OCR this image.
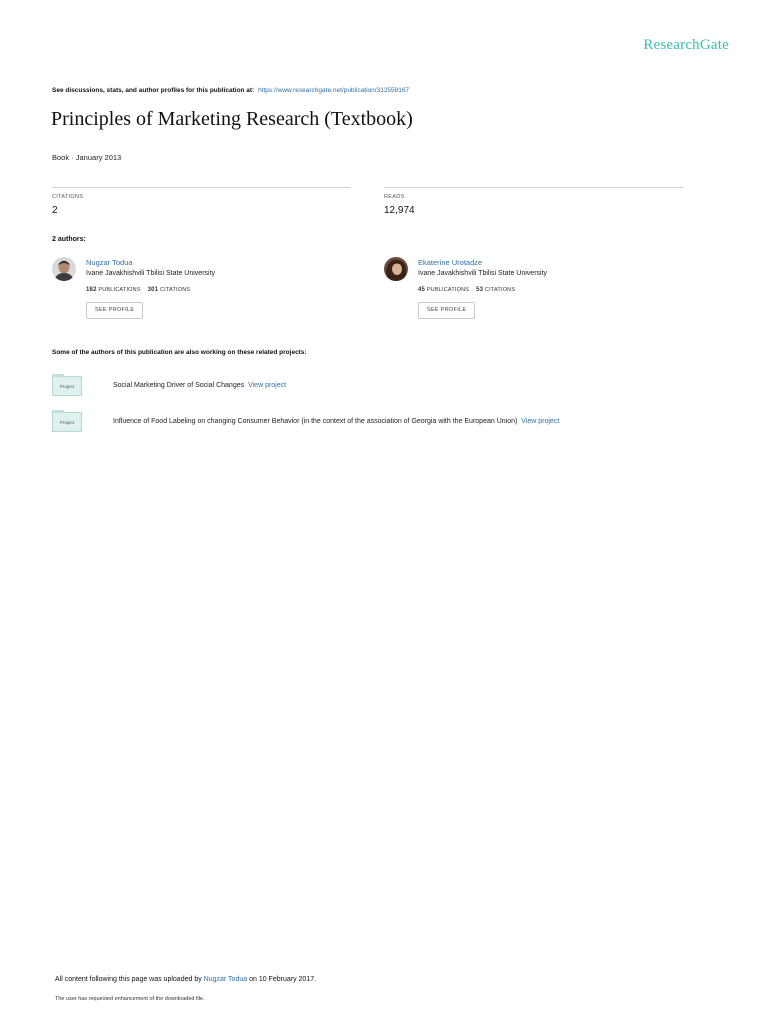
ResearchGate
See discussions, stats, and author profiles for this publication at: https://www.researchgate.net/publication/312559167
Principles of Marketing Research (Textbook)
Book · January 2013
CITATIONS
2
READS
12,974
2 authors:
Nugzar Todua
Ivane Javakhishvili Tbilisi State University
182 PUBLICATIONS 301 CITATIONS
SEE PROFILE
Ekaterine Urotadze
Ivane Javakhishvili Tbilisi State University
45 PUBLICATIONS 53 CITATIONS
SEE PROFILE
Some of the authors of this publication are also working on these related projects:
Project	Social Marketing Driver of Social Changes View project
Project	Influence of Food Labeling on changing Consumer Behavior (in the context of the association of Georgia with the European Union) View project
All content following this page was uploaded by Nugzar Todua on 10 February 2017.
The user has requested enhancement of the downloaded file.
